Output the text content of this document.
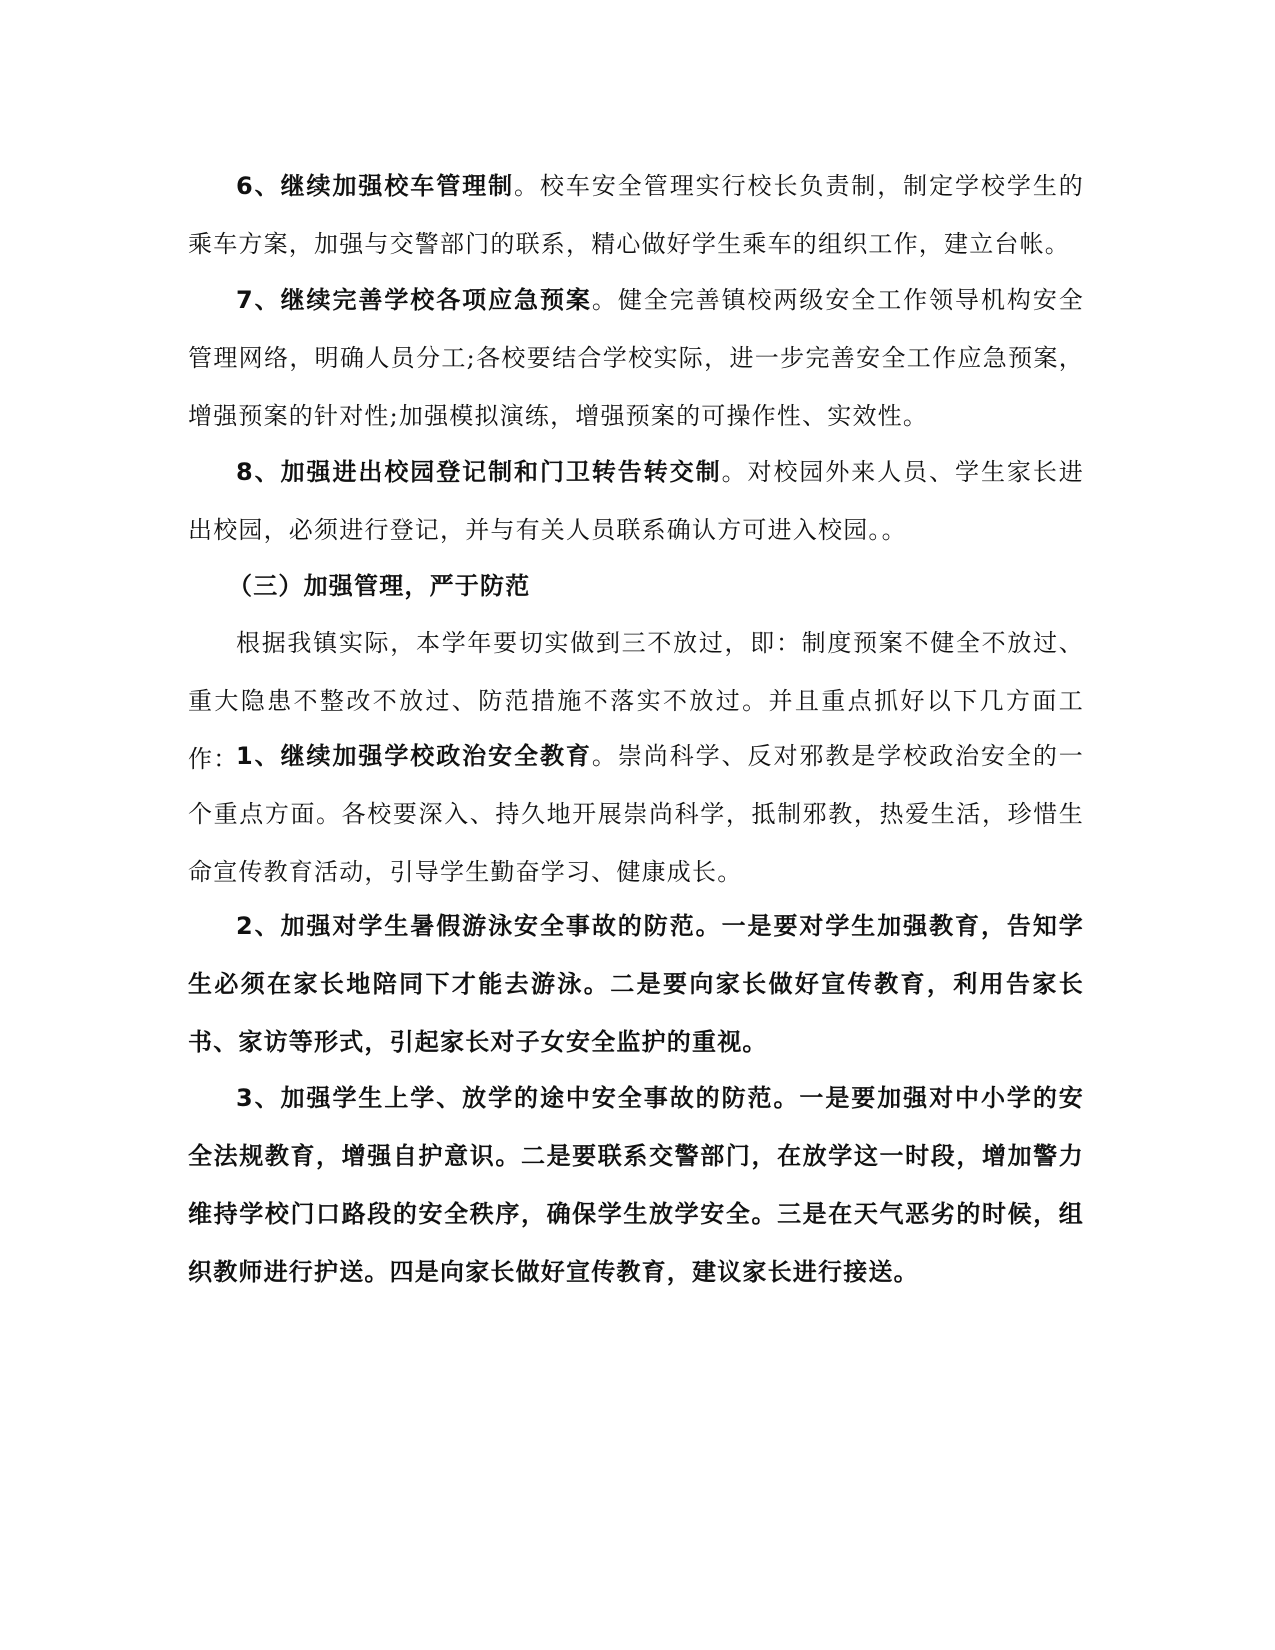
6、继续加强校车管理制。校车安全管理实行校长负责制，制定学校学生的乘车方案，加强与交警部门的联系，精心做好学生乘车的组织工作，建立台帐。

7、继续完善学校各项应急预案。健全完善镇校两级安全工作领导机构安全管理网络，明确人员分工;各校要结合学校实际，进一步完善安全工作应急预案，增强预案的针对性;加强模拟演练，增强预案的可操作性、实效性。

8、加强进出校园登记制和门卫转告转交制。对校园外来人员、学生家长进出校园，必须进行登记，并与有关人员联系确认方可进入校园。。

（三）加强管理，严于防范

根据我镇实际，本学年要切实做到三不放过，即：制度预案不健全不放过、重大隐患不整改不放过、防范措施不落实不放过。并且重点抓好以下几方面工作：

1、继续加强学校政治安全教育。崇尚科学、反对邪教是学校政治安全的一个重点方面。各校要深入、持久地开展崇尚科学，抵制邪教，热爱生活，珍惜生命宣传教育活动，引导学生勤奋学习、健康成长。

2、加强对学生暑假游泳安全事故的防范。一是要对学生加强教育，告知学生必须在家长地陪同下才能去游泳。二是要向家长做好宣传教育，利用告家长书、家访等形式，引起家长对子女安全监护的重视。

3、加强学生上学、放学的途中安全事故的防范。一是要加强对中小学的安全法规教育，增强自护意识。二是要联系交警部门，在放学这一时段，增加警力维持学校门口路段的安全秩序，确保学生放学安全。三是在天气恶劣的时候，组织教师进行护送。四是向家长做好宣传教育，建议家长进行接送。
